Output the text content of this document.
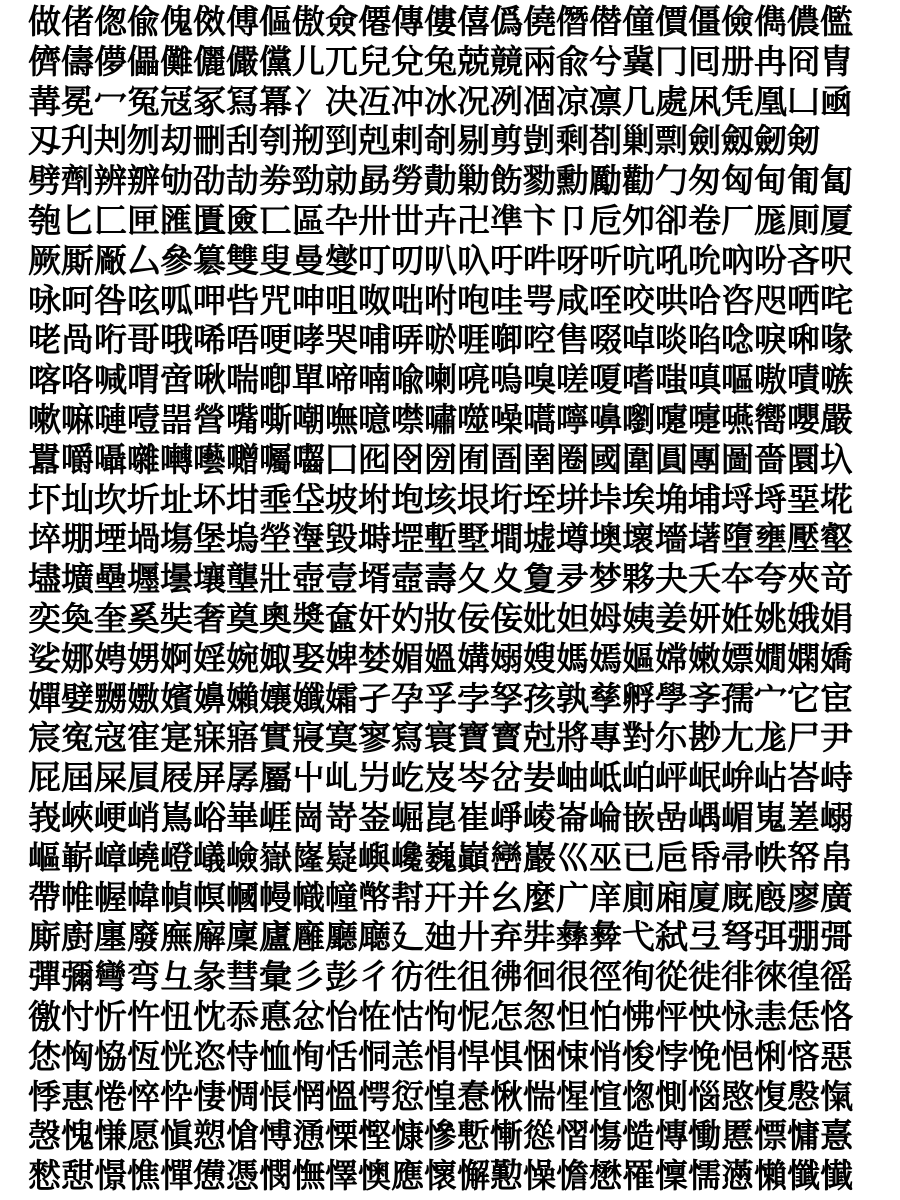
做偖偬偸傀傚傅傴傲僉僊傳僂僖僞僥僭僣僮價僵儉儁儂儖
儕儔儚儡儺儷儼儻儿兀兒兌兔兢竸兩兪兮冀冂囘册冉冏冑
冓冕冖冤冦冢冩冪冫决冱冲冰况冽凅凉凛几處凩凭凰凵凾
刄刋刔刎刧刪刮刳剏剄剋剌剞剔剪剴剩剳剿剽劍劔劒剱
劈劑辨辧劬劭劼劵勁勍勗勞勣勦飭勠勳勵勸勹匆匈甸匍匐
匏匕匚匣匯匱匳匸區卆卅丗卉卍凖卞卩卮夘卻卷厂厖厠厦
厥厮厰厶參簒雙叟曼燮叮叨叭叺吁吽呀听吭吼吮吶吩吝呎
咏呵咎呟呱呷呰咒呻咀呶咄咐咆哇咢咸咥咬哄哈咨咫哂咤
咾咼哘哥哦唏唔哽哮哭哺哢唹啀啣啌售啜啅啖啗唸唳啝喙
喀咯喊喟啻啾喘喞單啼喃喩喇喨嗚嗅嗟嗄嗜嗤嗔嘔嗷嘖嗾
嗽嘛嗹噎噐營嘴嘶嘲嘸噫噤嘯噬噪嚆嚀嚊嚠嚔嚏嚥嚮嚶嚴
囂嚼囁囃囀囈囎囑囓囗囮囹圀囿圄圉圈國圍圓團圖嗇圜圦
圷圸坎圻址坏坩埀垈坡坿垉垓垠垳垤垪垰埃埆埔埒埓堊埖
埣堋堙堝塲堡塢塋塰毀塒堽塹墅墹墟墫墺壞墻墸墮壅壓壑
壗壙壘壥壜壤壟壯壺壹壻壼壽夂夊夐夛梦夥夬夭夲夸夾竒
奕奐奎奚奘奢奠奧奬奩奸妁妝佞侫妣妲姆姨姜妍姙姚娥娟
娑娜娉娚婀婬婉娵娶婢婪媚媼媾嫋嫂媽嫣嫗嫦嫩嫖嫺嫻嬌
嬋嬖嬲嫐嬪嬶嬾孃孅孀孑孕孚孛孥孩孰孳孵學斈孺宀它宦
宸寃寇寉寔寐寤實寢寞寥寫寰寶寳尅將專對尓尠尢尨尸尹
屁屆屎屓屐屏孱屬屮乢屶屹岌岑岔妛岫岻岶岼岷峅岾峇峙
峩峽峺峭嶌峪崋崕崗嵜崟崛崑崔崢崚崙崘嵌嵒嵎嵋嵬嵳嵶
嶇嶄嶂嶢嶝嶬嶮嶽嶐嶷嶼巉巍巓巒巖巛巫已巵帋帚帙帑帛
帶帷幄幃幀幎幗幔幟幢幤幇幵并幺麼广庠廁廂廈廐廏廖廣
廝廚廛廢廡廨廩廬廱廳廰廴廸廾弃弉彝彜弋弑弖弩弭弸彁
彈彌彎弯彑彖彗彙彡彭彳彷徃徂彿徊很徑徇從徙徘徠徨徭
徼忖忻忤忸忱忝悳忿怡恠怙怐怩怎怱怛怕怫怦怏怺恚恁恪
恷恟恊恆恍恣恃恤恂恬恫恙悁悍惧悃悚悄悛悖悗悒悧悋惡
悸惠惓悴忰悽惆悵惘慍愕愆惶惷愀惴惺愃愡惻惱愍愎慇愾
愨愧慊愿愼愬愴愽慂慄慳慷慘慙慚慫慴慯慥慱慟慝慓慵憙
憖憇憬憔憚憊憑憫憮懌懊應懷懈懃懆憺懋罹懍懦懣懶懺懴
